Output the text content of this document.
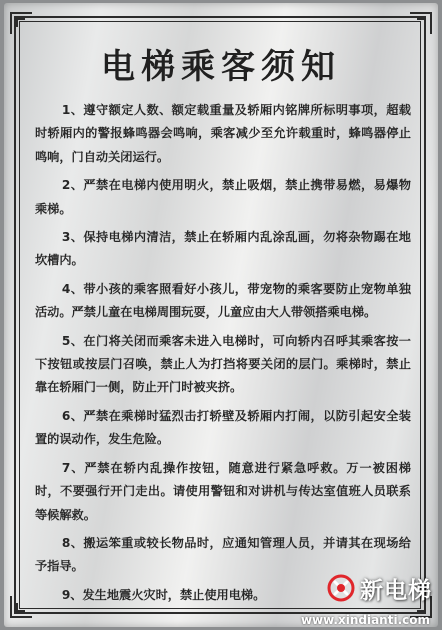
电梯乘客须知

1、遵守额定人数、额定载重量及轿厢内铭牌所标明事项，超载时轿厢内的警报蜂鸣器会鸣响，乘客减少至允许载重时，蜂鸣器停止鸣响，门自动关闭运行。

2、严禁在电梯内使用明火，禁止吸烟，禁止携带易燃，易爆物乘梯。

3、保持电梯内清洁，禁止在轿厢内乱涂乱画，勿将杂物踢在地坎槽内。

4、带小孩的乘客照看好小孩儿，带宠物的乘客要防止宠物单独活动。严禁儿童在电梯周围玩耍，儿童应由大人带领搭乘电梯。

5、在门将关闭而乘客未进入电梯时，可向轿内召呼其乘客按一下按钮或按层门召唤，禁止人为打挡将要关闭的层门。乘梯时，禁止靠在轿厢门一侧，防止开门时被夹挤。

6、严禁在乘梯时猛烈击打轿壁及轿厢内打闹，以防引起安全装置的误动作，发生危险。

7、严禁在轿内乱操作按钮，随意进行紧急呼救。万一被困梯时，不要强行开门走出。请使用警钮和对讲机与传达室值班人员联系等候解救。

8、搬运笨重或较长物品时，应通知管理人员，并请其在现场给予指导。

9、发生地震火灾时，禁止使用电梯。	新电梯
www.xindianti.com
